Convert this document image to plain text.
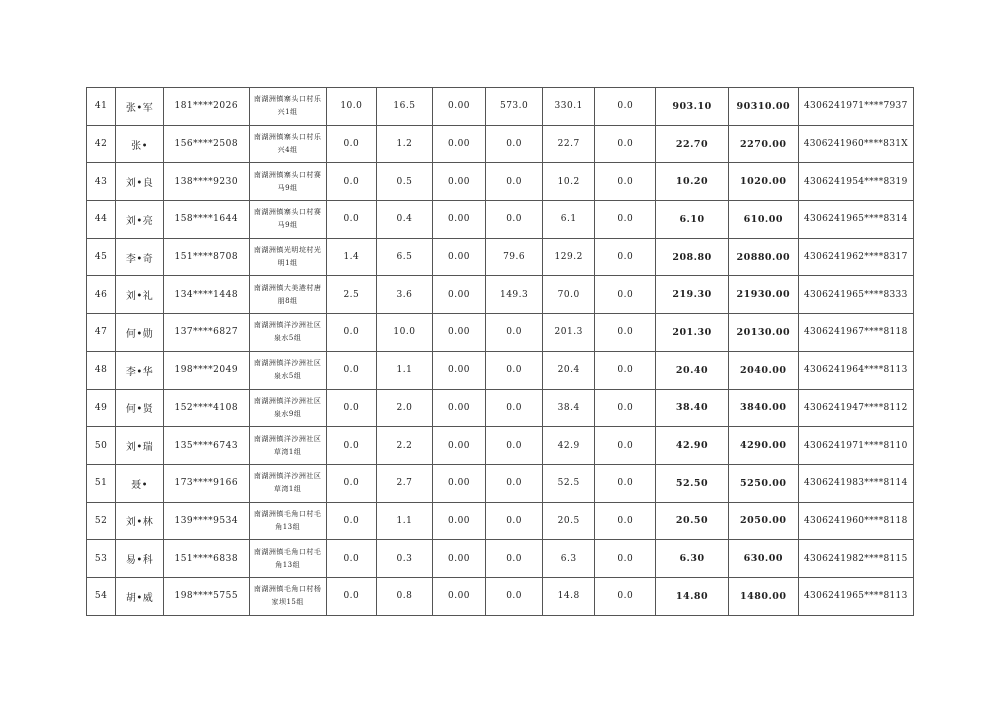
41	张•军	181****2026	南湖洲镇寨头口村乐兴1组	10.0	16.5	0.00	573.0	330.1	0.0	903.10	90310.00	4306241971****7937
42	张•	156****2508	南湖洲镇寨头口村乐兴4组	0.0	1.2	0.00	0.0	22.7	0.0	22.70	2270.00	4306241960****831X
43	刘•良	138****9230	南湖洲镇寨头口村赛马9组	0.0	0.5	0.00	0.0	10.2	0.0	10.20	1020.00	4306241954****8319
44	刘•亮	158****1644	南湖洲镇寨头口村赛马9组	0.0	0.4	0.00	0.0	6.1	0.0	6.10	610.00	4306241965****8314
45	李•奇	151****8708	南湖洲镇光明垸村光明1组	1.4	6.5	0.00	79.6	129.2	0.0	208.80	20880.00	4306241962****8317
46	刘•礼	134****1448	南湖洲镇大美港村唐朋8组	2.5	3.6	0.00	149.3	70.0	0.0	219.30	21930.00	4306241965****8333
47	何•勋	137****6827	南湖洲镇洋沙洲社区泉水5组	0.0	10.0	0.00	0.0	201.3	0.0	201.30	20130.00	4306241967****8118
48	李•华	198****2049	南湖洲镇洋沙洲社区泉水5组	0.0	1.1	0.00	0.0	20.4	0.0	20.40	2040.00	4306241964****8113
49	何•贤	152****4108	南湖洲镇洋沙洲社区泉水9组	0.0	2.0	0.00	0.0	38.4	0.0	38.40	3840.00	4306241947****8112
50	刘•瑞	135****6743	南湖洲镇洋沙洲社区草湾1组	0.0	2.2	0.00	0.0	42.9	0.0	42.90	4290.00	4306241971****8110
51	聂•	173****9166	南湖洲镇洋沙洲社区草湾1组	0.0	2.7	0.00	0.0	52.5	0.0	52.50	5250.00	4306241983****8114
52	刘•林	139****9534	南湖洲镇毛角口村毛角13组	0.0	1.1	0.00	0.0	20.5	0.0	20.50	2050.00	4306241960****8118
53	易•科	151****6838	南湖洲镇毛角口村毛角13组	0.0	0.3	0.00	0.0	6.3	0.0	6.30	630.00	4306241982****8115
54	胡•威	198****5755	南湖洲镇毛角口村杨家坝15组	0.0	0.8	0.00	0.0	14.8	0.0	14.80	1480.00	4306241965****8113
